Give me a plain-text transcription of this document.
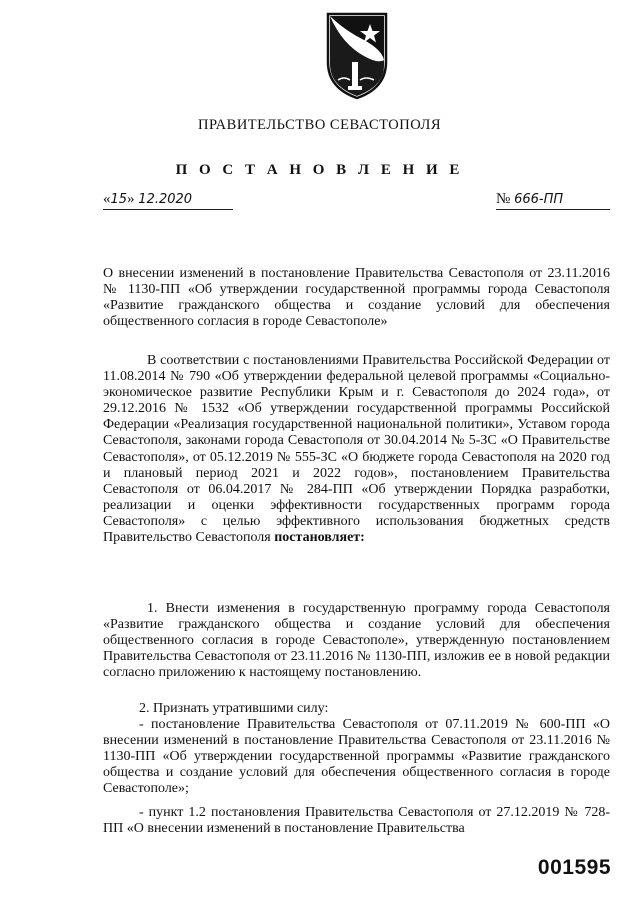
ПРАВИТЕЛЬСТВО СЕВАСТОПОЛЯ
П О С Т А Н О В Л Е Н И Е
«15» 12.2020	№ 666-ПП
О внесении изменений в постановление Правительства Севастополя от 23.11.2016 № 1130-ПП «Об утверждении государственной программы города Севастополя «Развитие гражданского общества и создание условий для обеспечения общественного согласия в городе Севастополе»
В соответствии с постановлениями Правительства Российской Федерации от 11.08.2014 № 790 «Об утверждении федеральной целевой программы «Социально-экономическое развитие Республики Крым и г. Севастополя до 2024 года», от 29.12.2016 № 1532 «Об утверждении государственной программы Российской Федерации «Реализация государственной национальной политики», Уставом города Севастополя, законами города Севастополя от 30.04.2014 № 5-ЗС «О Правительстве Севастополя», от 05.12.2019 № 555-ЗС «О бюджете города Севастополя на 2020 год и плановый период 2021 и 2022 годов», постановлением Правительства Севастополя от 06.04.2017 № 284-ПП «Об утверждении Порядка разработки, реализации и оценки эффективности государственных программ города Севастополя» с целью эффективного использования бюджетных средств Правительство Севастополя постановляет:
1. Внести изменения в государственную программу города Севастополя «Развитие гражданского общества и создание условий для обеспечения общественного согласия в городе Севастополе», утвержденную постановлением Правительства Севастополя от 23.11.2016 № 1130-ПП, изложив ее в новой редакции согласно приложению к настоящему постановлению.
2. Признать утратившими силу:
- постановление Правительства Севастополя от 07.11.2019 № 600-ПП «О внесении изменений в постановление Правительства Севастополя от 23.11.2016 № 1130-ПП «Об утверждении государственной программы «Развитие гражданского общества и создание условий для обеспечения общественного согласия в городе Севастополе»;
- пункт 1.2 постановления Правительства Севастополя от 27.12.2019 № 728-ПП «О внесении изменений в постановление Правительства
001595
